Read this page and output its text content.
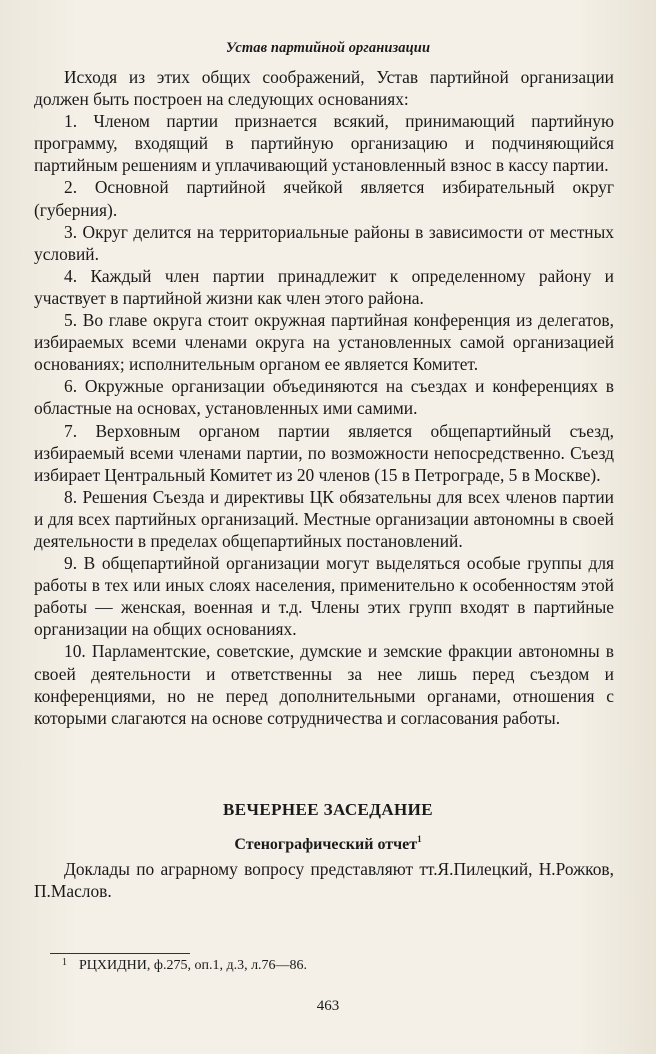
Устав партийной организации

Исходя из этих общих соображений, Устав партийной организации должен быть построен на следующих основаниях:

1. Членом партии признается всякий, принимающий партийную программу, входящий в партийную организацию и подчиняющийся партийным решениям и уплачивающий установленный взнос в кассу партии.

2. Основной партийной ячейкой является избирательный округ (губерния).

3. Округ делится на территориальные районы в зависимости от местных условий.

4. Каждый член партии принадлежит к определенному району и участвует в партийной жизни как член этого района.

5. Во главе округа стоит окружная партийная конференция из делегатов, избираемых всеми членами округа на установленных самой организацией основаниях; исполнительным органом ее является Комитет.

6. Окружные организации объединяются на съездах и конференциях в областные на основах, установленных ими самими.

7. Верховным органом партии является общепартийный съезд, избираемый всеми членами партии, по возможности непосредственно. Съезд избирает Центральный Комитет из 20 членов (15 в Петрограде, 5 в Москве).

8. Решения Съезда и директивы ЦК обязательны для всех членов партии и для всех партийных организаций. Местные организации автономны в своей деятельности в пределах общепартийных постановлений.

9. В общепартийной организации могут выделяться особые группы для работы в тех или иных слоях населения, применительно к особенностям этой работы — женская, военная и т.д. Члены этих групп входят в партийные организации на общих основаниях.

10. Парламентские, советские, думские и земские фракции автономны в своей деятельности и ответственны за нее лишь перед съездом и конференциями, но не перед дополнительными органами, отношения с которыми слагаются на основе сотрудничества и согласования работы.

ВЕЧЕРНЕЕ ЗАСЕДАНИЕ
Стенографический отчет$^1$

Доклады по аграрному вопросу представляют тт.Я.Пилецкий, Н.Рожков, П.Маслов.

$^1$ РЦХИДНИ, ф.275, оп.1, д.3, л.76—86.
463
